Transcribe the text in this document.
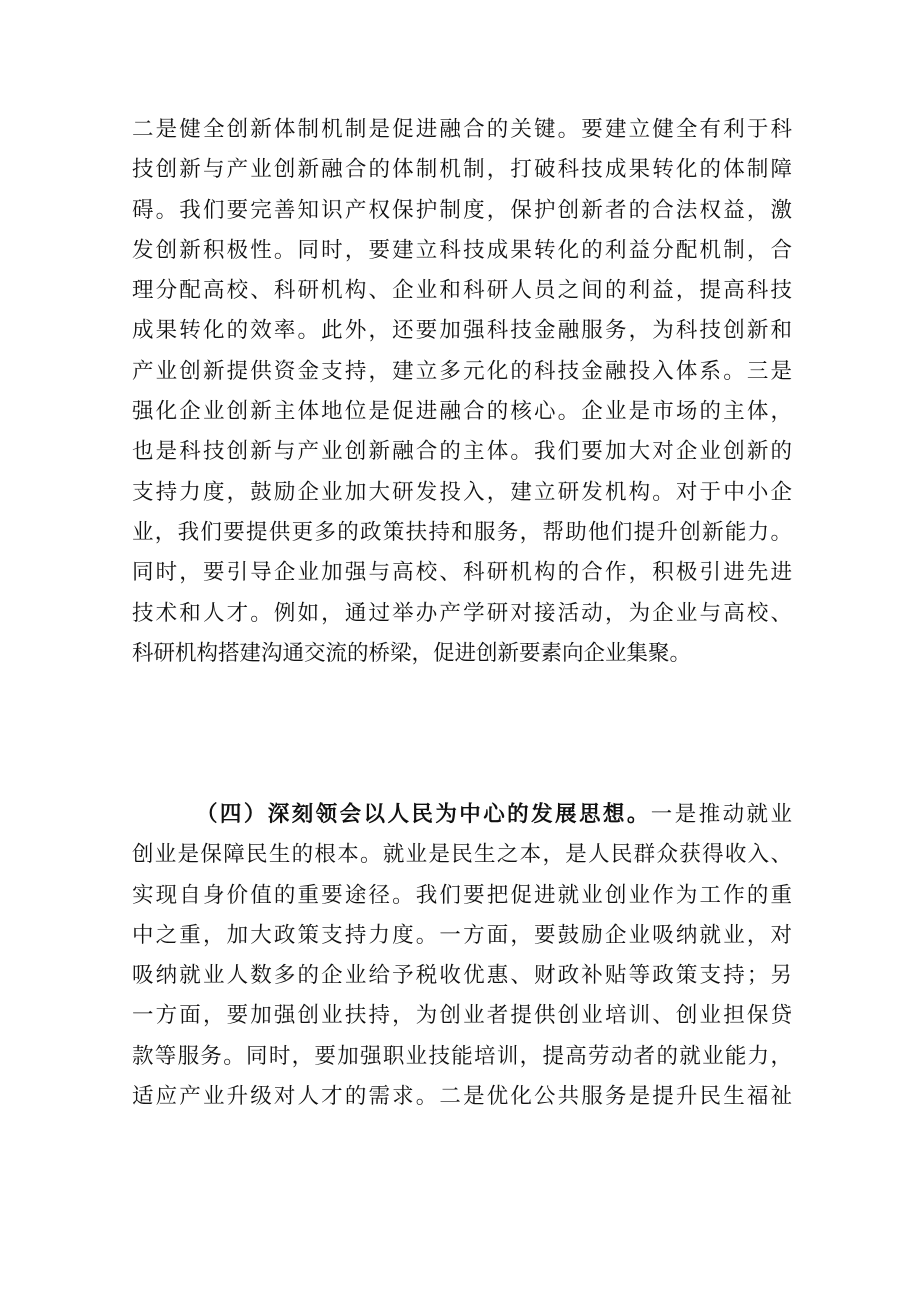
二是健全创新体制机制是促进融合的关键。要建立健全有利于科
技创新与产业创新融合的体制机制，打破科技成果转化的体制障
碍。我们要完善知识产权保护制度，保护创新者的合法权益，激
发创新积极性。同时，要建立科技成果转化的利益分配机制，合
理分配高校、科研机构、企业和科研人员之间的利益，提高科技
成果转化的效率。此外，还要加强科技金融服务，为科技创新和
产业创新提供资金支持，建立多元化的科技金融投入体系。三是
强化企业创新主体地位是促进融合的核心。企业是市场的主体，
也是科技创新与产业创新融合的主体。我们要加大对企业创新的
支持力度，鼓励企业加大研发投入，建立研发机构。对于中小企
业，我们要提供更多的政策扶持和服务，帮助他们提升创新能力。
同时，要引导企业加强与高校、科研机构的合作，积极引进先进
技术和人才。例如，通过举办产学研对接活动，为企业与高校、
科研机构搭建沟通交流的桥梁，促进创新要素向企业集聚。
（四）深刻领会以人民为中心的发展思想。一是推动就业
创业是保障民生的根本。就业是民生之本，是人民群众获得收入、
实现自身价值的重要途径。我们要把促进就业创业作为工作的重
中之重，加大政策支持力度。一方面，要鼓励企业吸纳就业，对
吸纳就业人数多的企业给予税收优惠、财政补贴等政策支持；另
一方面，要加强创业扶持，为创业者提供创业培训、创业担保贷
款等服务。同时，要加强职业技能培训，提高劳动者的就业能力，
适应产业升级对人才的需求。二是优化公共服务是提升民生福祉
